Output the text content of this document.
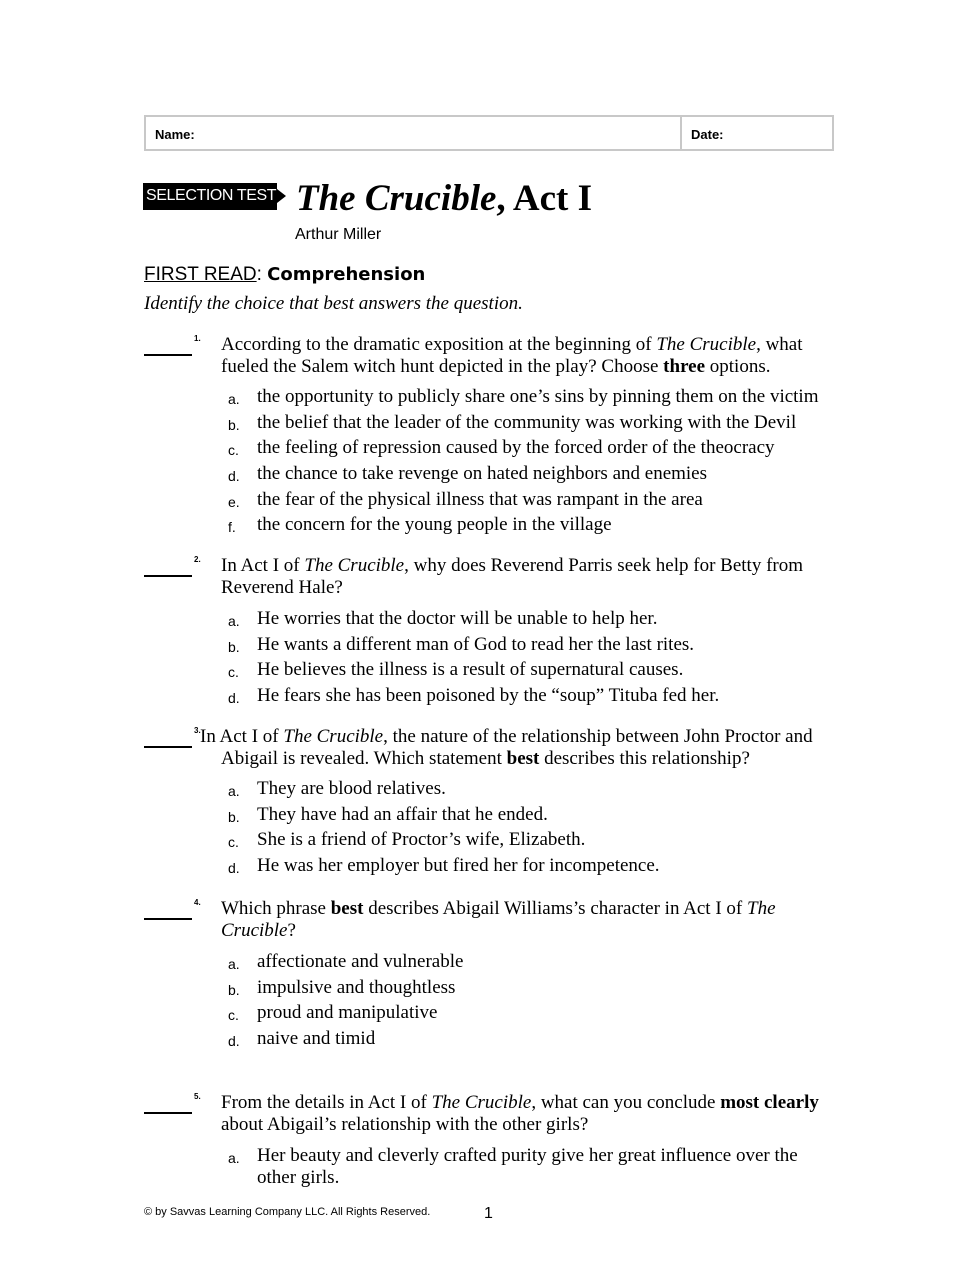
Name:	Date:
SELECTION TEST The Crucible, Act I
Arthur Miller
FIRST READ: Comprehension
Identify the choice that best answers the question.
1. According to the dramatic exposition at the beginning of The Crucible, what fueled the Salem witch hunt depicted in the play? Choose three options.
a. the opportunity to publicly share one’s sins by pinning them on the victim
b. the belief that the leader of the community was working with the Devil
c. the feeling of repression caused by the forced order of the theocracy
d. the chance to take revenge on hated neighbors and enemies
e. the fear of the physical illness that was rampant in the area
f. the concern for the young people in the village
2. In Act I of The Crucible, why does Reverend Parris seek help for Betty from Reverend Hale?
a. He worries that the doctor will be unable to help her.
b. He wants a different man of God to read her the last rites.
c. He believes the illness is a result of supernatural causes.
d. He fears she has been poisoned by the “soup” Tituba fed her.
3. In Act I of The Crucible, the nature of the relationship between John Proctor and Abigail is revealed. Which statement best describes this relationship?
a. They are blood relatives.
b. They have had an affair that he ended.
c. She is a friend of Proctor’s wife, Elizabeth.
d. He was her employer but fired her for incompetence.
4. Which phrase best describes Abigail Williams’s character in Act I of The Crucible?
a. affectionate and vulnerable
b. impulsive and thoughtless
c. proud and manipulative
d. naive and timid
5. From the details in Act I of The Crucible, what can you conclude most clearly about Abigail’s relationship with the other girls?
a. Her beauty and cleverly crafted purity give her great influence over the other girls.
© by Savvas Learning Company LLC. All Rights Reserved.	1
